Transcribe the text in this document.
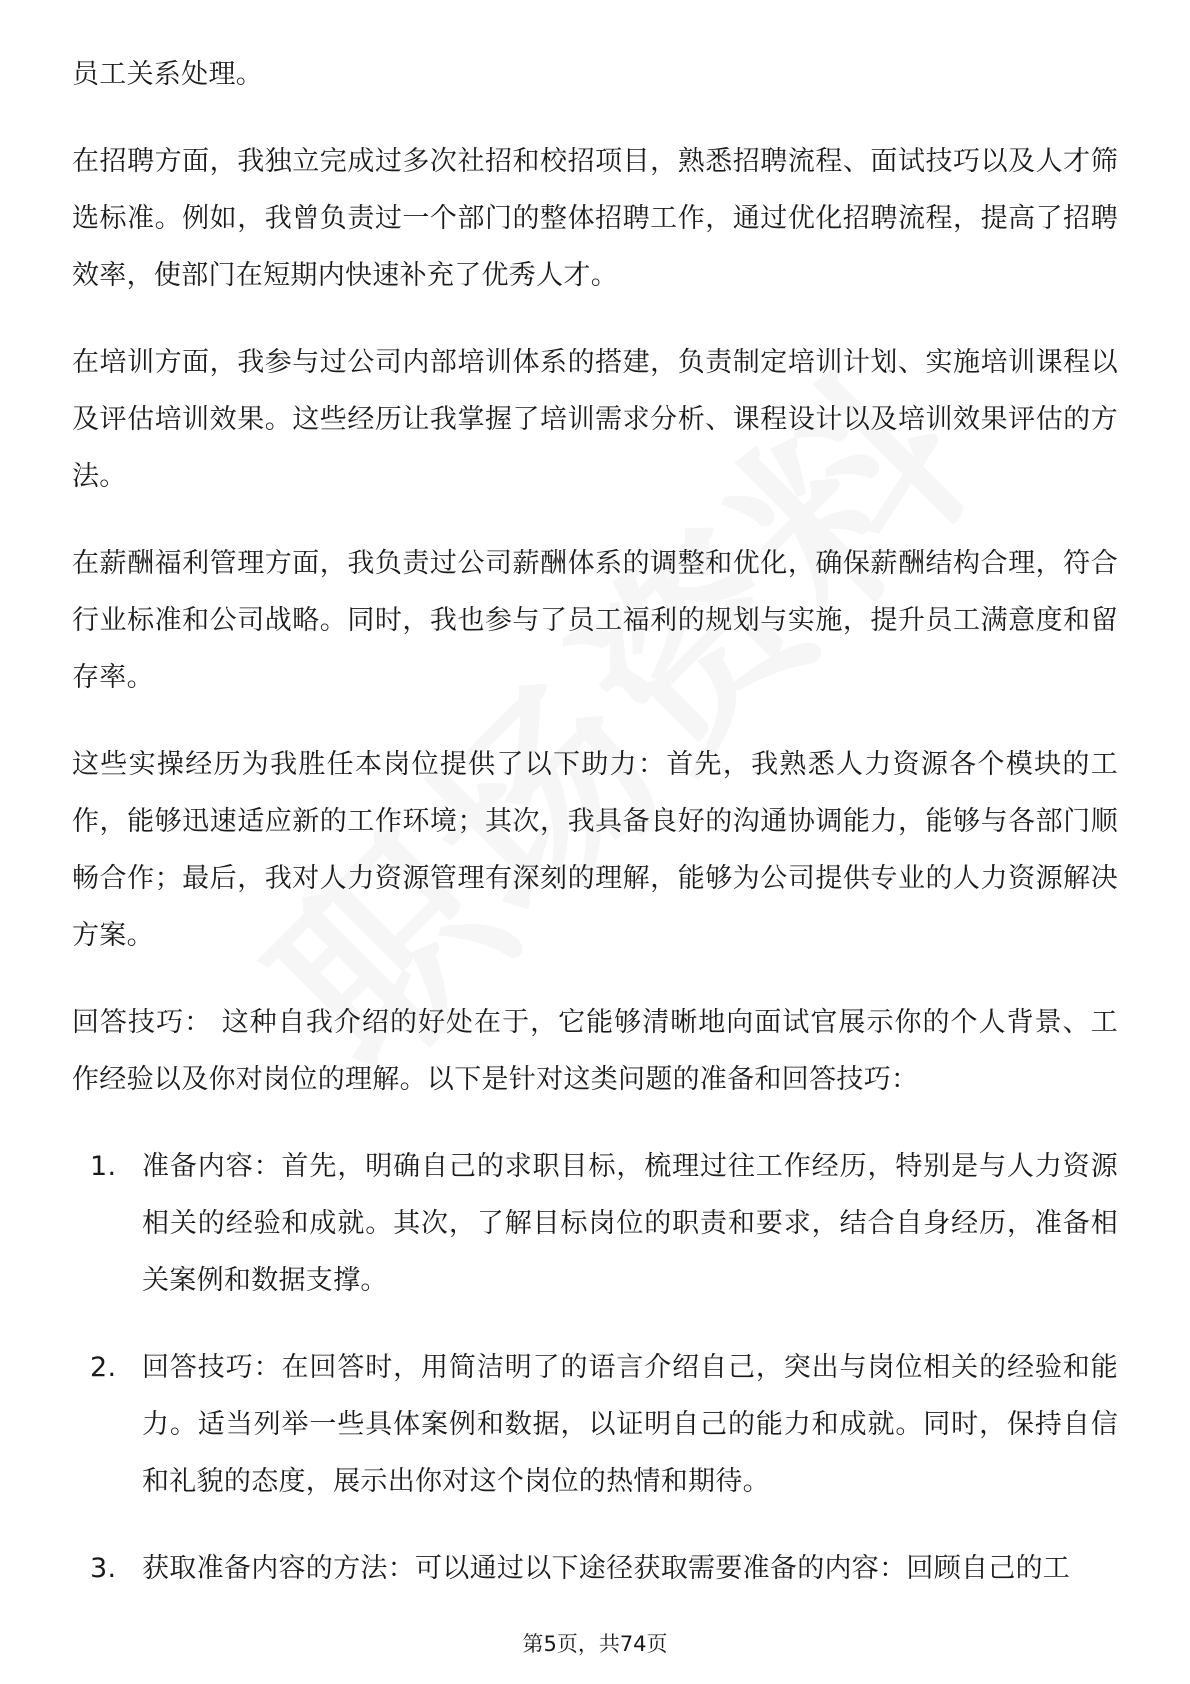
员工关系处理。

在招聘方面，我独立完成过多次社招和校招项目，熟悉招聘流程、面试技巧以及人才筛选标准。例如，我曾负责过一个部门的整体招聘工作，通过优化招聘流程，提高了招聘效率，使部门在短期内快速补充了优秀人才。

在培训方面，我参与过公司内部培训体系的搭建，负责制定培训计划、实施培训课程以及评估培训效果。这些经历让我掌握了培训需求分析、课程设计以及培训效果评估的方法。

在薪酬福利管理方面，我负责过公司薪酬体系的调整和优化，确保薪酬结构合理，符合行业标准和公司战略。同时，我也参与了员工福利的规划与实施，提升员工满意度和留存率。

这些实操经历为我胜任本岗位提供了以下助力：首先，我熟悉人力资源各个模块的工作，能够迅速适应新的工作环境；其次，我具备良好的沟通协调能力，能够与各部门顺畅合作；最后，我对人力资源管理有深刻的理解，能够为公司提供专业的人力资源解决方案。

回答技巧： 这种自我介绍的好处在于，它能够清晰地向面试官展示你的个人背景、工作经验以及你对岗位的理解。以下是针对这类问题的准备和回答技巧：

1. 准备内容：首先，明确自己的求职目标，梳理过往工作经历，特别是与人力资源相关的经验和成就。其次，了解目标岗位的职责和要求，结合自身经历，准备相关案例和数据支撑。
2. 回答技巧：在回答时，用简洁明了的语言介绍自己，突出与岗位相关的经验和能力。适当列举一些具体案例和数据，以证明自己的能力和成就。同时，保持自信和礼貌的态度，展示出你对这个岗位的热情和期待。
3. 获取准备内容的方法：可以通过以下途径获取需要准备的内容：回顾自己的工
第5页，共74页
